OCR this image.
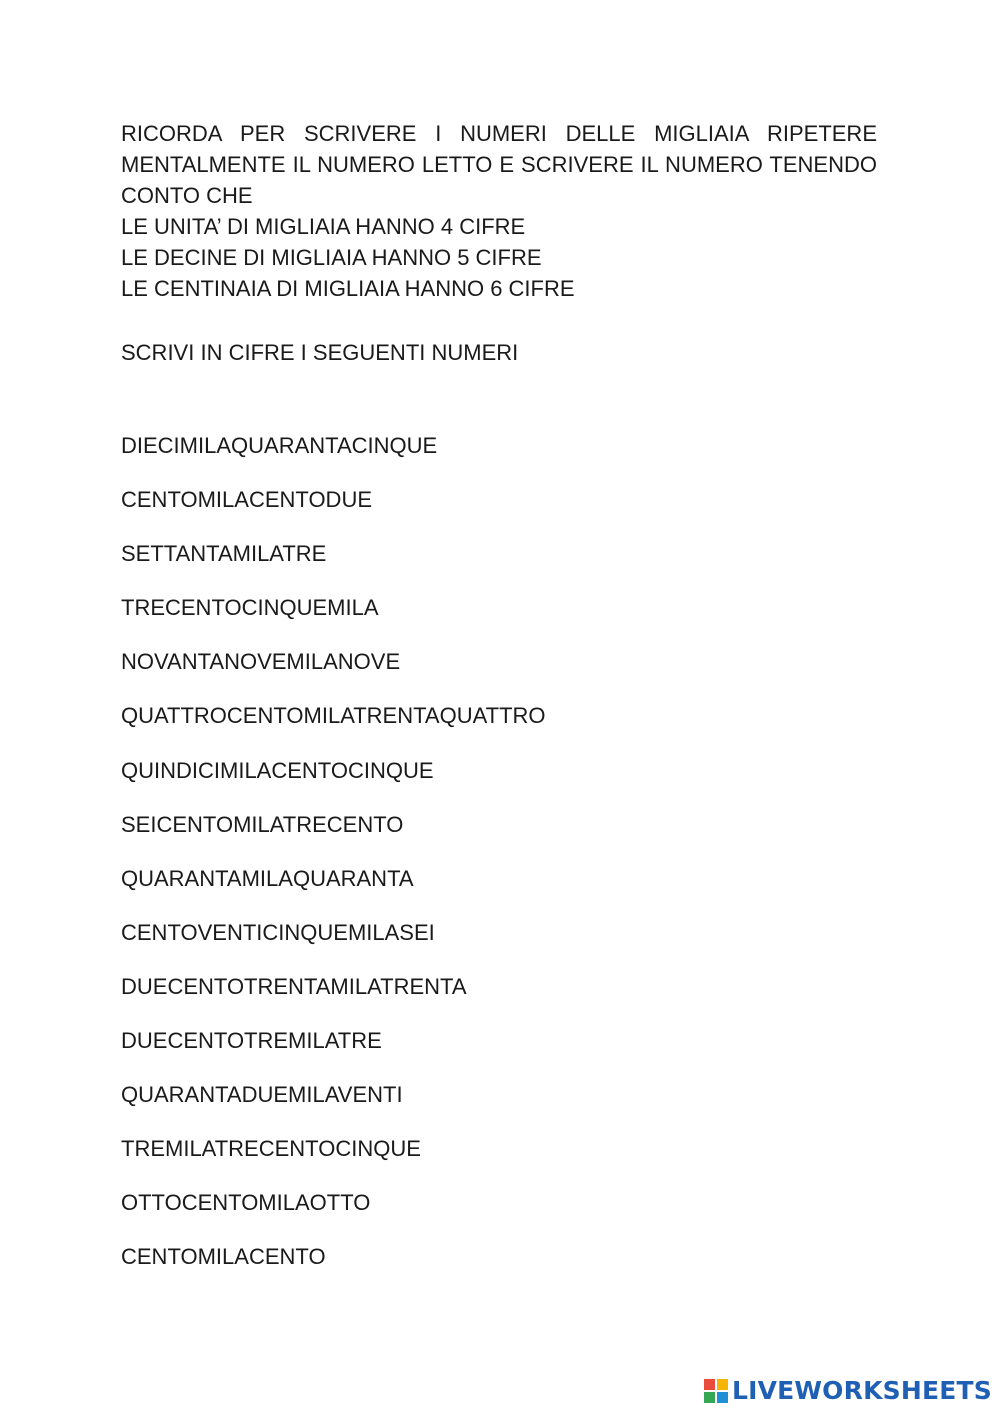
RICORDA PER SCRIVERE I NUMERI DELLE MIGLIAIA RIPETERE MENTALMENTE IL NUMERO LETTO E SCRIVERE IL NUMERO TENENDO CONTO CHE
LE UNITA’ DI MIGLIAIA HANNO 4 CIFRE
LE DECINE DI MIGLIAIA HANNO 5 CIFRE
LE CENTINAIA DI MIGLIAIA HANNO 6 CIFRE
SCRIVI IN CIFRE I SEGUENTI NUMERI
DIECIMILAQUARANTACINQUE
CENTOMILACENTODUE
SETTANTAMILATRE
TRECENTOCINQUEMILA
NOVANTANOVEMILANOVE
QUATTROCENTOMILATRENTAQUATTRO
QUINDICIMILACENTOCINQUE
SEICENTOMILATRECENTO
QUARANTAMILAQUARANTA
CENTOVENTICINQUEMILASEI
DUECENTOTRENTAMILATRENTA
DUECENTOTREMILATRE
QUARANTADUEMILAVENTI
TREMILATRECENTOCINQUE
OTTOCENTOMILAOTTO
CENTOMILACENTO
LIVEWORKSHEETS
